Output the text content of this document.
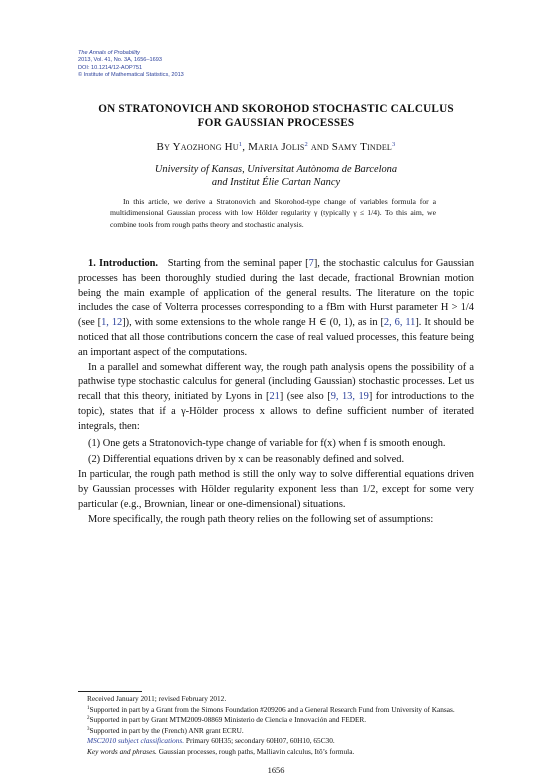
The Annals of Probability
2013, Vol. 41, No. 3A, 1656–1693
DOI: 10.1214/12-AOP751
© Institute of Mathematical Statistics, 2013
ON STRATONOVICH AND SKOROHOD STOCHASTIC CALCULUS
FOR GAUSSIAN PROCESSES
By Yaozhong Hu$^1$, Maria Jolis$^2$ and Samy Tindel$^3$
University of Kansas, Universitat Autònoma de Barcelona
and Institut Élie Cartan Nancy

In this article, we derive a Stratonovich and Skorohod-type change of variables formula for a multidimensional Gaussian process with low Hölder regularity γ (typically γ ≤ 1/4). To this aim, we combine tools from rough paths theory and stochastic analysis.

1. Introduction. Starting from the seminal paper [7], the stochastic calculus for Gaussian processes has been thoroughly studied during the last decade, fractional Brownian motion being the main example of application of the general results. The literature on the topic includes the case of Volterra processes corresponding to a fBm with Hurst parameter H > 1/4 (see [1, 12]), with some extensions to the whole range H ∈ (0, 1), as in [2, 6, 11]. It should be noticed that all those contributions concern the case of real valued processes, this feature being an important aspect of the computations.

In a parallel and somewhat different way, the rough path analysis opens the possibility of a pathwise type stochastic calculus for general (including Gaussian) stochastic processes. Let us recall that this theory, initiated by Lyons in [21] (see also [9, 13, 19] for introductions to the topic), states that if a γ-Hölder process x allows to define sufficient number of iterated integrals, then:

(1) One gets a Stratonovich-type change of variable for f(x) when f is smooth enough.

(2) Differential equations driven by x can be reasonably defined and solved.

In particular, the rough path method is still the only way to solve differential equations driven by Gaussian processes with Hölder regularity exponent less than 1/2, except for some very particular (e.g., Brownian, linear or one-dimensional) situations.

More specifically, the rough path theory relies on the following set of assumptions:

Received January 2011; revised February 2012.

$^1$Supported in part by a Grant from the Simons Foundation #209206 and a General Research Fund from University of Kansas.

$^2$Supported in part by Grant MTM2009-08869 Ministerio de Ciencia e Innovación and FEDER.

$^3$Supported in part by the (French) ANR grant ECRU.

MSC2010 subject classifications. Primary 60H35; secondary 60H07, 60H10, 65C30.

Key words and phrases. Gaussian processes, rough paths, Malliavin calculus, Itô’s formula.

1656
